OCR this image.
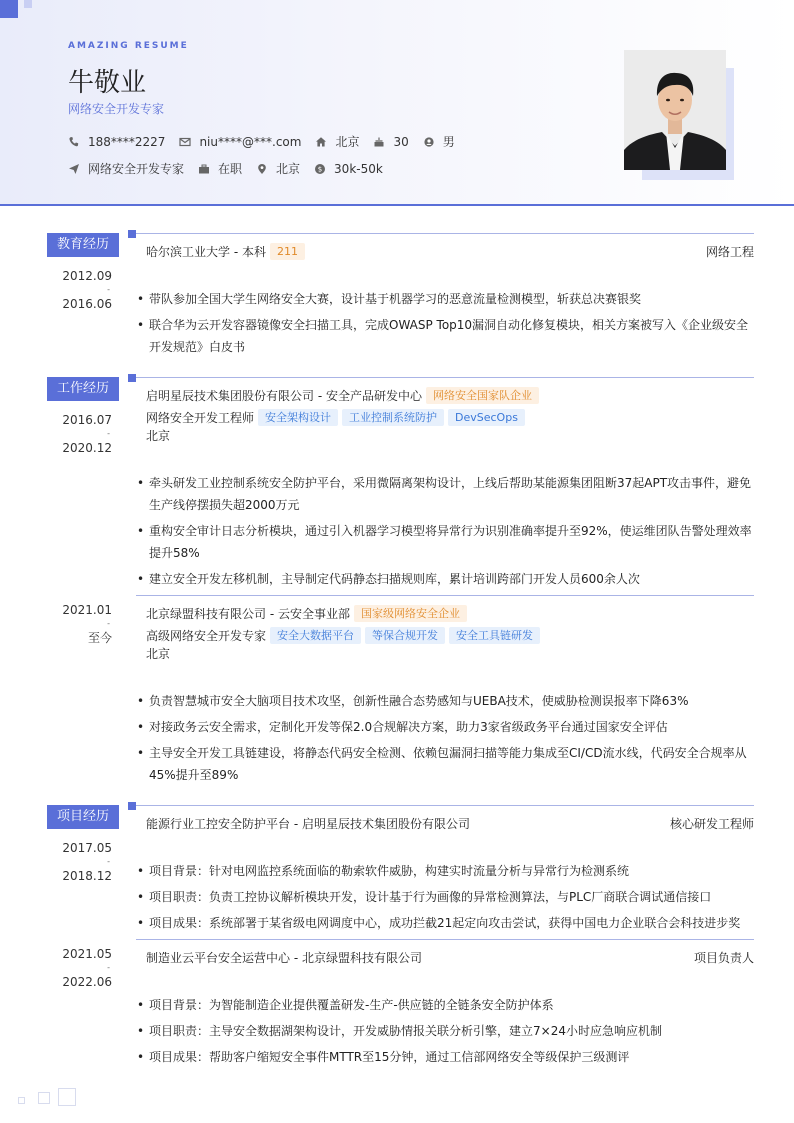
AMAZING RESUME
牛敬业
网络安全开发专家
188****2227	niu****@***.com	北京	30	男
网络安全开发专家	在职	北京	$ 30k-50k
教育经历	哈尔滨工业大学 - 本科	211	网络工程
2012.09
-
2016.06	• 带队参加全国大学生网络安全大赛，设计基于机器学习的恶意流量检测模型，斩获总决赛银奖
• 联合华为云开发容器镜像安全扫描工具，完成OWASP Top10漏洞自动化修复模块，相关方案被写入《企业级安全开发规范》白皮书
工作经历	启明星辰技术集团股份有限公司 - 安全产品研发中心	网络安全国家队企业
网络安全开发工程师	安全架构设计	工业控制系统防护	DevSecOps
北京
2016.07
-
2020.12
• 牵头研发工业控制系统安全防护平台，采用微隔离架构设计，上线后帮助某能源集团阻断37起APT攻击事件，避免生产线停摆损失超2000万元
• 重构安全审计日志分析模块，通过引入机器学习模型将异常行为识别准确率提升至92%，使运维团队告警处理效率提升58%
• 建立安全开发左移机制，主导制定代码静态扫描规则库，累计培训跨部门开发人员600余人次
北京绿盟科技有限公司 - 云安全事业部	国家级网络安全企业
高级网络安全开发专家	安全大数据平台	等保合规开发	安全工具链研发
北京
2021.01
-
至今
• 负责智慧城市安全大脑项目技术攻坚，创新性融合态势感知与UEBA技术，使威胁检测误报率下降63%
• 对接政务云安全需求，定制化开发等保2.0合规解决方案，助力3家省级政务平台通过国家安全评估
• 主导安全开发工具链建设，将静态代码安全检测、依赖包漏洞扫描等能力集成至CI/CD流水线，代码安全合规率从45%提升至89%
项目经历	能源行业工控安全防护平台 - 启明星辰技术集团股份有限公司	核心研发工程师
2017.05
-
2018.12	• 项目背景：针对电网监控系统面临的勒索软件威胁，构建实时流量分析与异常行为检测系统
• 项目职责：负责工控协议解析模块开发，设计基于行为画像的异常检测算法，与PLC厂商联合调试通信接口
• 项目成果：系统部署于某省级电网调度中心，成功拦截21起定向攻击尝试，获得中国电力企业联合会科技进步奖
制造业云平台安全运营中心 - 北京绿盟科技有限公司	项目负责人
2021.05
-
2022.06
• 项目背景：为智能制造企业提供覆盖研发-生产-供应链的全链条安全防护体系
• 项目职责：主导安全数据湖架构设计，开发威胁情报关联分析引擎，建立7×24小时应急响应机制
• 项目成果：帮助客户缩短安全事件MTTR至15分钟，通过工信部网络安全等级保护三级测评
